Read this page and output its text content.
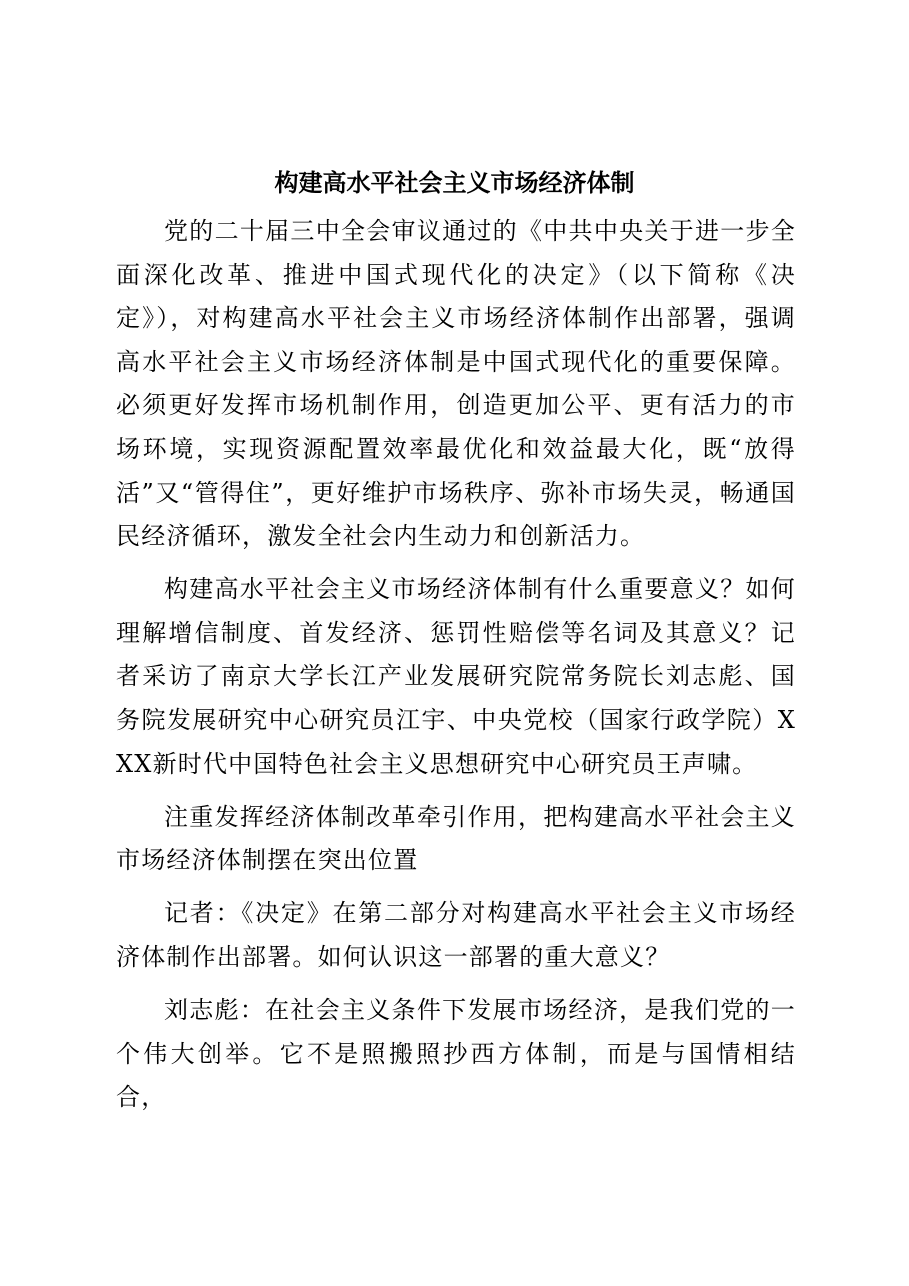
构建高水平社会主义市场经济体制

党的二十届三中全会审议通过的《中共中央关于进一步全面深化改革、推进中国式现代化的决定》（以下简称《决定》），对构建高水平社会主义市场经济体制作出部署，强调高水平社会主义市场经济体制是中国式现代化的重要保障。必须更好发挥市场机制作用，创造更加公平、更有活力的市场环境，实现资源配置效率最优化和效益最大化，既“放得活”又“管得住”，更好维护市场秩序、弥补市场失灵，畅通国民经济循环，激发全社会内生动力和创新活力。

构建高水平社会主义市场经济体制有什么重要意义？如何理解增信制度、首发经济、惩罚性赔偿等名词及其意义？记者采访了南京大学长江产业发展研究院常务院长刘志彪、国务院发展研究中心研究员江宇、中央党校（国家行政学院）XXX新时代中国特色社会主义思想研究中心研究员王声啸。

注重发挥经济体制改革牵引作用，把构建高水平社会主义市场经济体制摆在突出位置

记者：《决定》在第二部分对构建高水平社会主义市场经济体制作出部署。如何认识这一部署的重大意义？

刘志彪：在社会主义条件下发展市场经济，是我们党的一个伟大创举。它不是照搬照抄西方体制，而是与国情相结合，
